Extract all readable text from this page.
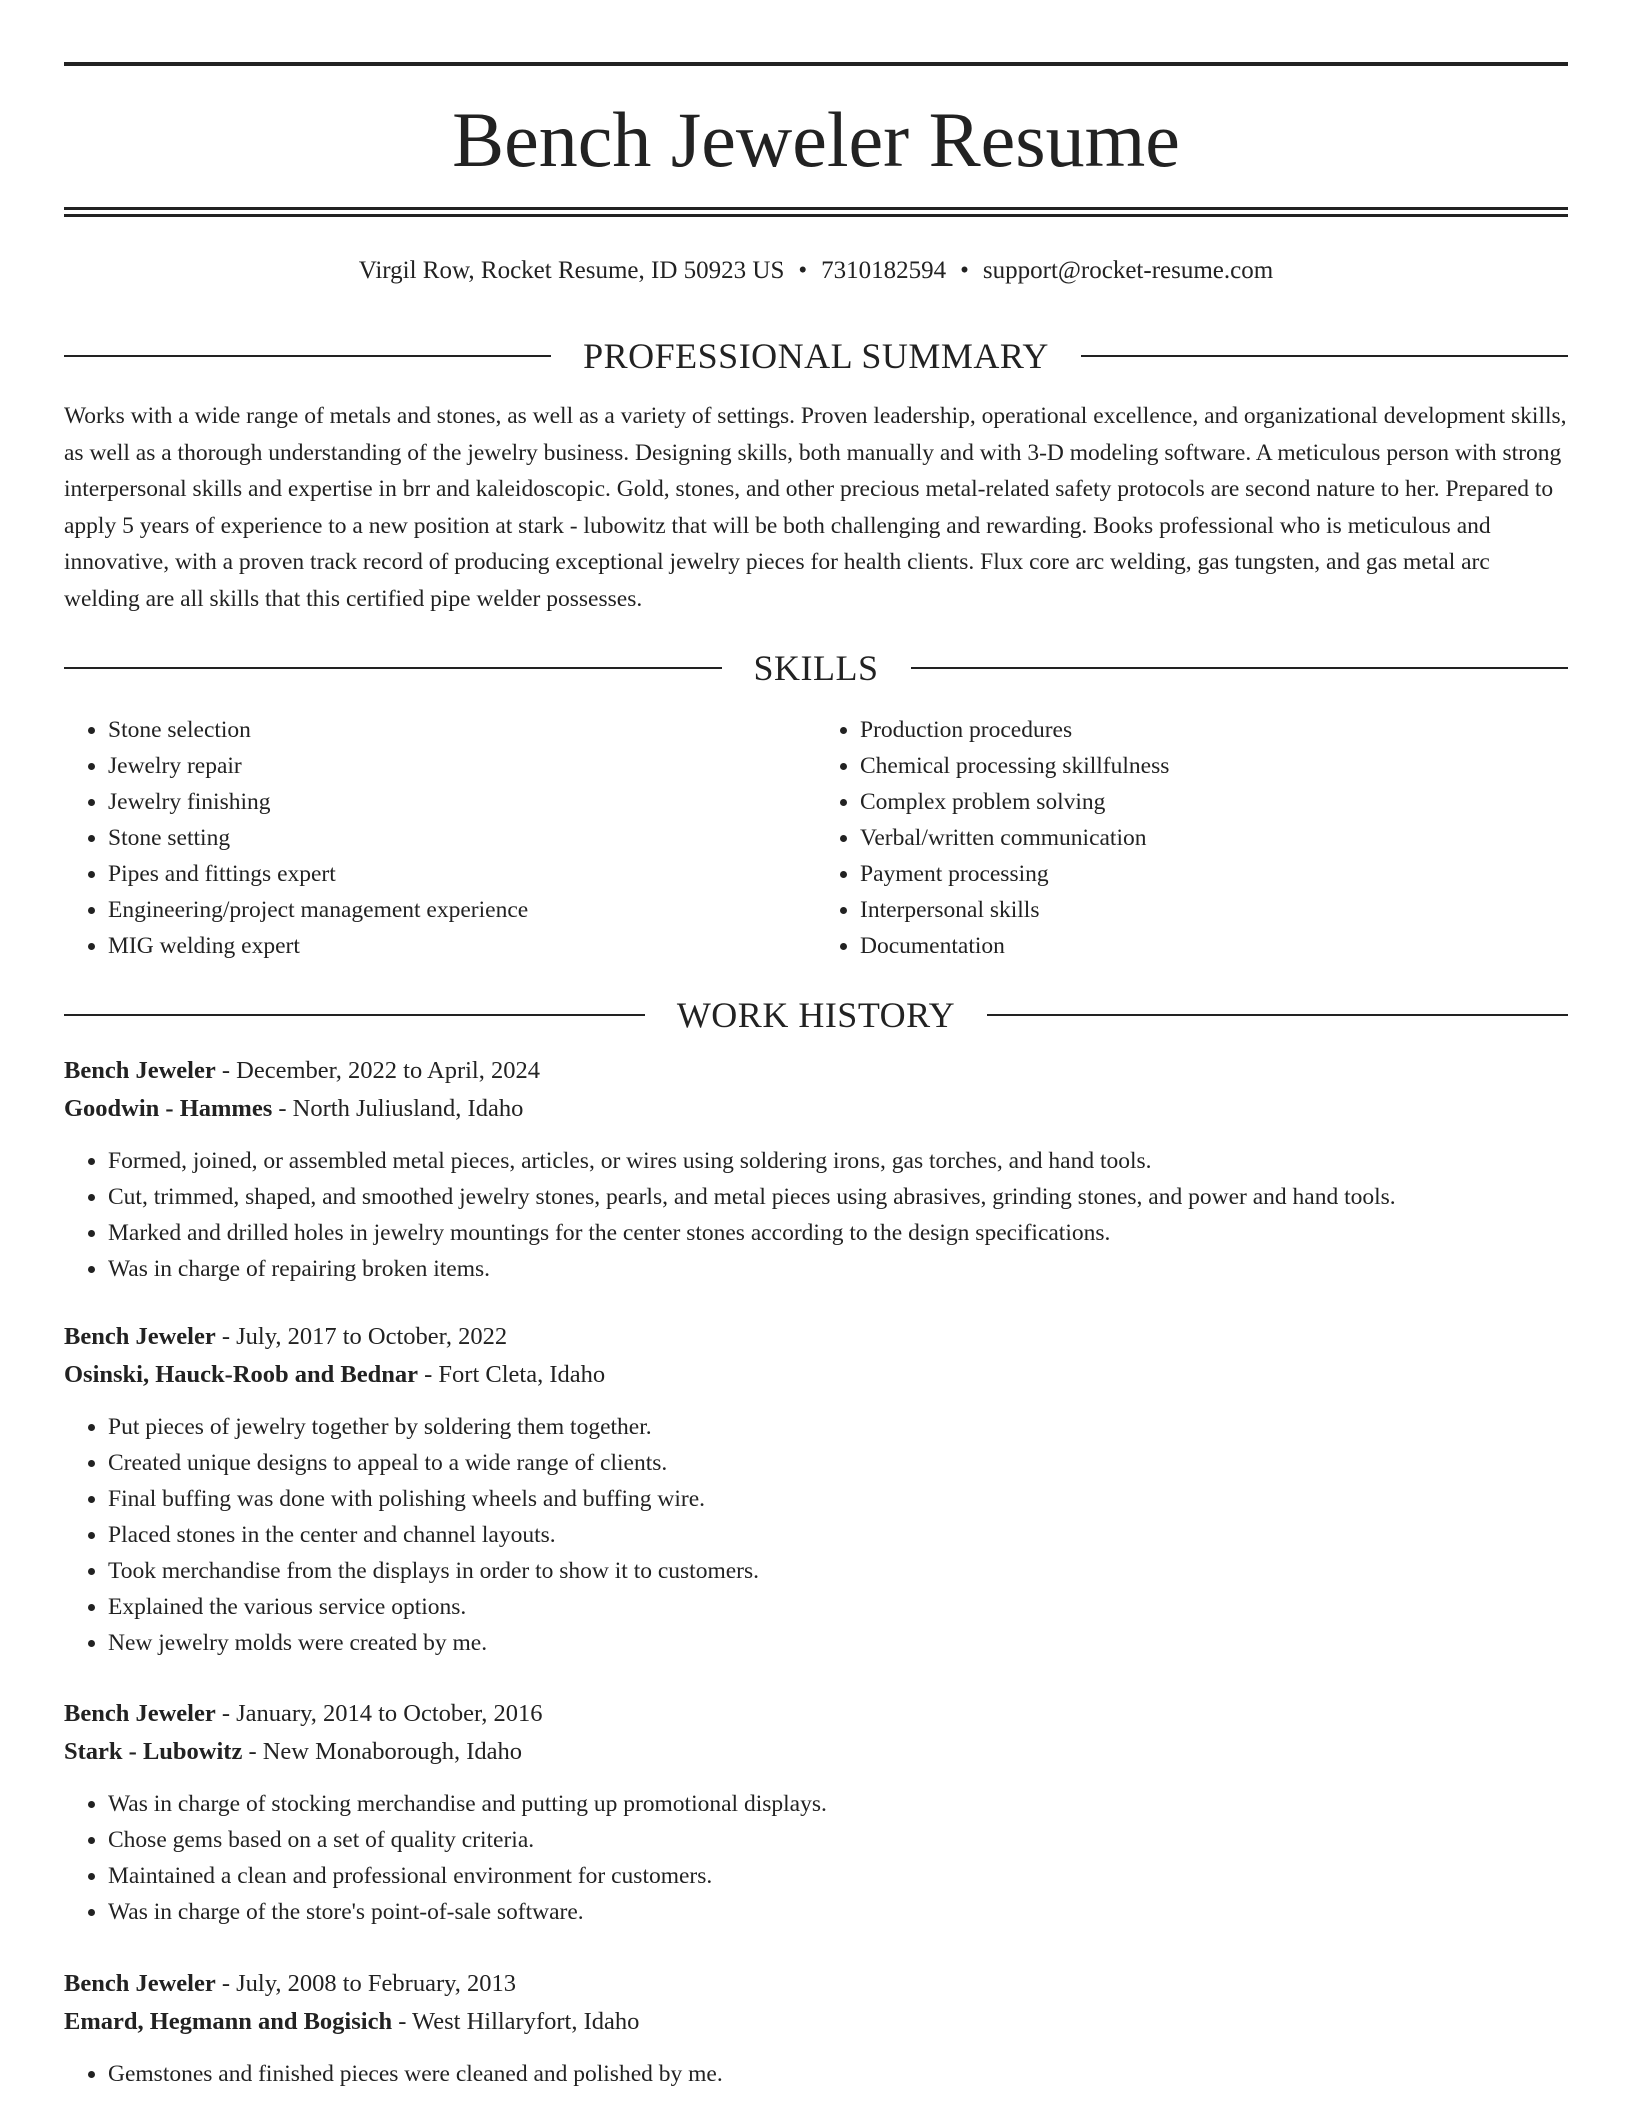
Bench Jeweler Resume
Virgil Row, Rocket Resume, ID 50923 US • 7310182594 • support@rocket-resume.com
PROFESSIONAL SUMMARY

Works with a wide range of metals and stones, as well as a variety of settings. Proven leadership, operational excellence, and organizational development skills, as well as a thorough understanding of the jewelry business. Designing skills, both manually and with 3-D modeling software. A meticulous person with strong interpersonal skills and expertise in brr and kaleidoscopic. Gold, stones, and other precious metal-related safety protocols are second nature to her. Prepared to apply 5 years of experience to a new position at stark - lubowitz that will be both challenging and rewarding. Books professional who is meticulous and innovative, with a proven track record of producing exceptional jewelry pieces for health clients. Flux core arc welding, gas tungsten, and gas metal arc welding are all skills that this certified pipe welder possesses.

SKILLS
• Stone selection
• Jewelry repair
• Jewelry finishing
• Stone setting
• Pipes and fittings expert
• Engineering/project management experience
• MIG welding expert
• Production procedures
• Chemical processing skillfulness
• Complex problem solving
• Verbal/written communication
• Payment processing
• Interpersonal skills
• Documentation
WORK HISTORY
Bench Jeweler - December, 2022 to April, 2024
Goodwin - Hammes - North Juliusland, Idaho
• Formed, joined, or assembled metal pieces, articles, or wires using soldering irons, gas torches, and hand tools.
• Cut, trimmed, shaped, and smoothed jewelry stones, pearls, and metal pieces using abrasives, grinding stones, and power and hand tools.
• Marked and drilled holes in jewelry mountings for the center stones according to the design specifications.
• Was in charge of repairing broken items.
Bench Jeweler - July, 2017 to October, 2022
Osinski, Hauck-Roob and Bednar - Fort Cleta, Idaho
• Put pieces of jewelry together by soldering them together.
• Created unique designs to appeal to a wide range of clients.
• Final buffing was done with polishing wheels and buffing wire.
• Placed stones in the center and channel layouts.
• Took merchandise from the displays in order to show it to customers.
• Explained the various service options.
• New jewelry molds were created by me.
Bench Jeweler - January, 2014 to October, 2016
Stark - Lubowitz - New Monaborough, Idaho
• Was in charge of stocking merchandise and putting up promotional displays.
• Chose gems based on a set of quality criteria.
• Maintained a clean and professional environment for customers.
• Was in charge of the store's point-of-sale software.
Bench Jeweler - July, 2008 to February, 2013
Emard, Hegmann and Bogisich - West Hillaryfort, Idaho
• Gemstones and finished pieces were cleaned and polished by me.
